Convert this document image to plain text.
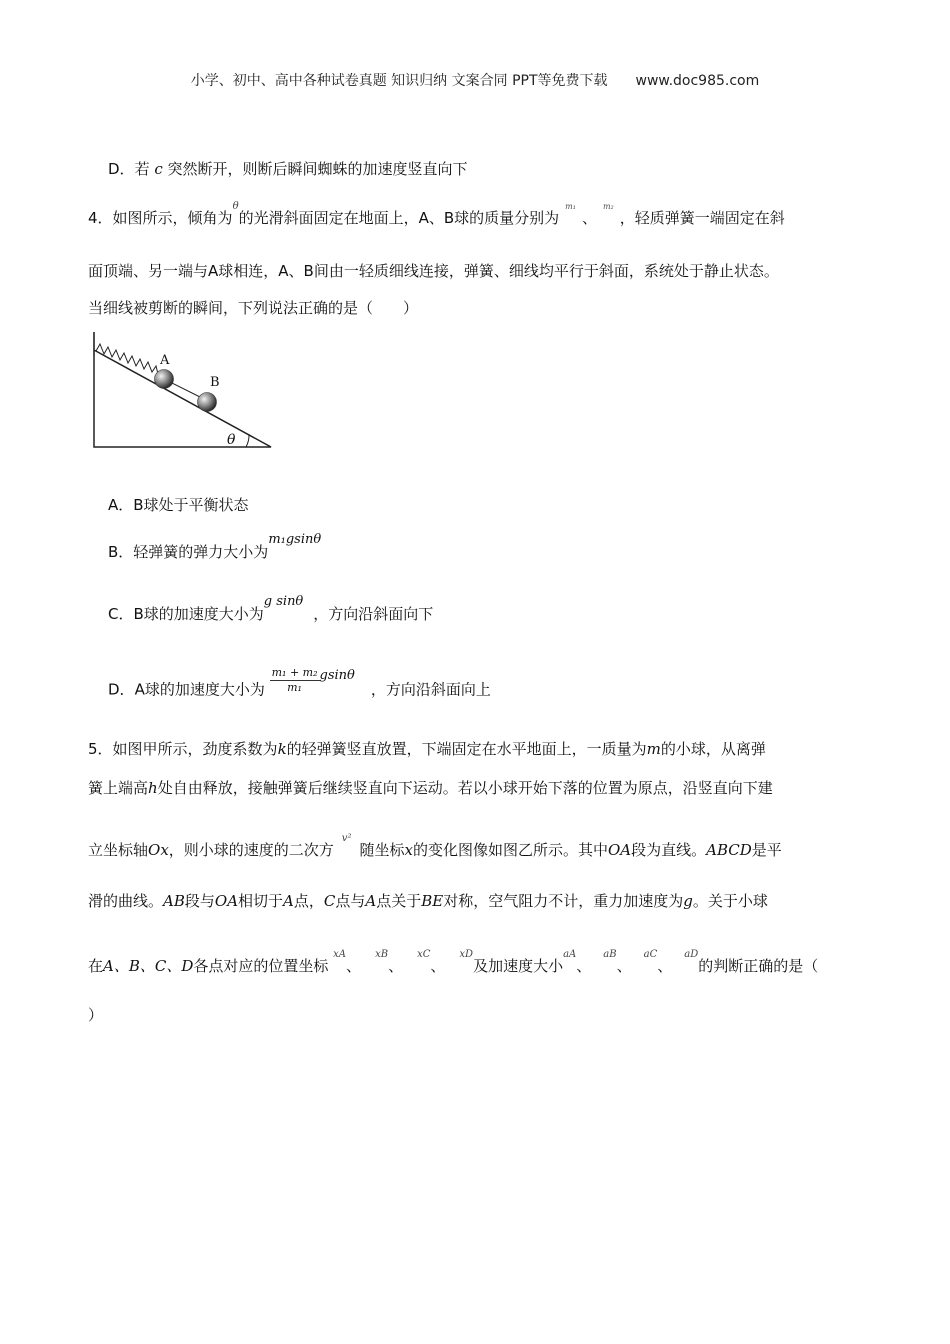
小学、初中、高中各种试卷真题 知识归纳 文案合同 PPT等免费下载 www.doc985.com
D．若 c 突然断开，则断后瞬间蜘蛛的加速度竖直向下
4．如图所示，倾角为$^\theta$的光滑斜面固定在地面上，A、B球的质量分别为$^{m_1}$、$^{m_2}$，轻质弹簧一端固定在斜
面顶端、另一端与A球相连，A、B间由一轻质细线连接，弹簧、细线均平行于斜面，系统处于静止状态。
当细线被剪断的瞬间，下列说法正确的是（　　）
A
B
θ
A．B球处于平衡状态
B．轻弹簧的弹力大小为m₁gsinθ
C．B球的加速度大小为g sinθ，方向沿斜面向下
D．A球的加速度大小为 $\frac{\text{m₁ + m₂}}{\text{m₁}}$ gsinθ，方向沿斜面向上
5．如图甲所示，劲度系数为k的轻弹簧竖直放置，下端固定在水平地面上，一质量为m的小球，从离弹
簧上端高h处自由释放，接触弹簧后继续竖直向下运动。若以小球开始下落的位置为原点，沿竖直向下建
立坐标轴Ox，则小球的速度的二次方$^{v^2}$随坐标x的变化图像如图乙所示。其中OA段为直线。ABCD是平
滑的曲线。AB段与OA相切于A点，C点与A点关于BE对称，空气阻力不计，重力加速度为g。关于小球
在A、B、C、D各点对应的位置坐标 $^{xA}$、$^{xB}$、$^{xC}$、$^{xD}$及加速度大小$^{aA}$、$^{aB}$、$^{aC}$、$^{aD}$的判断正确的是（
）
